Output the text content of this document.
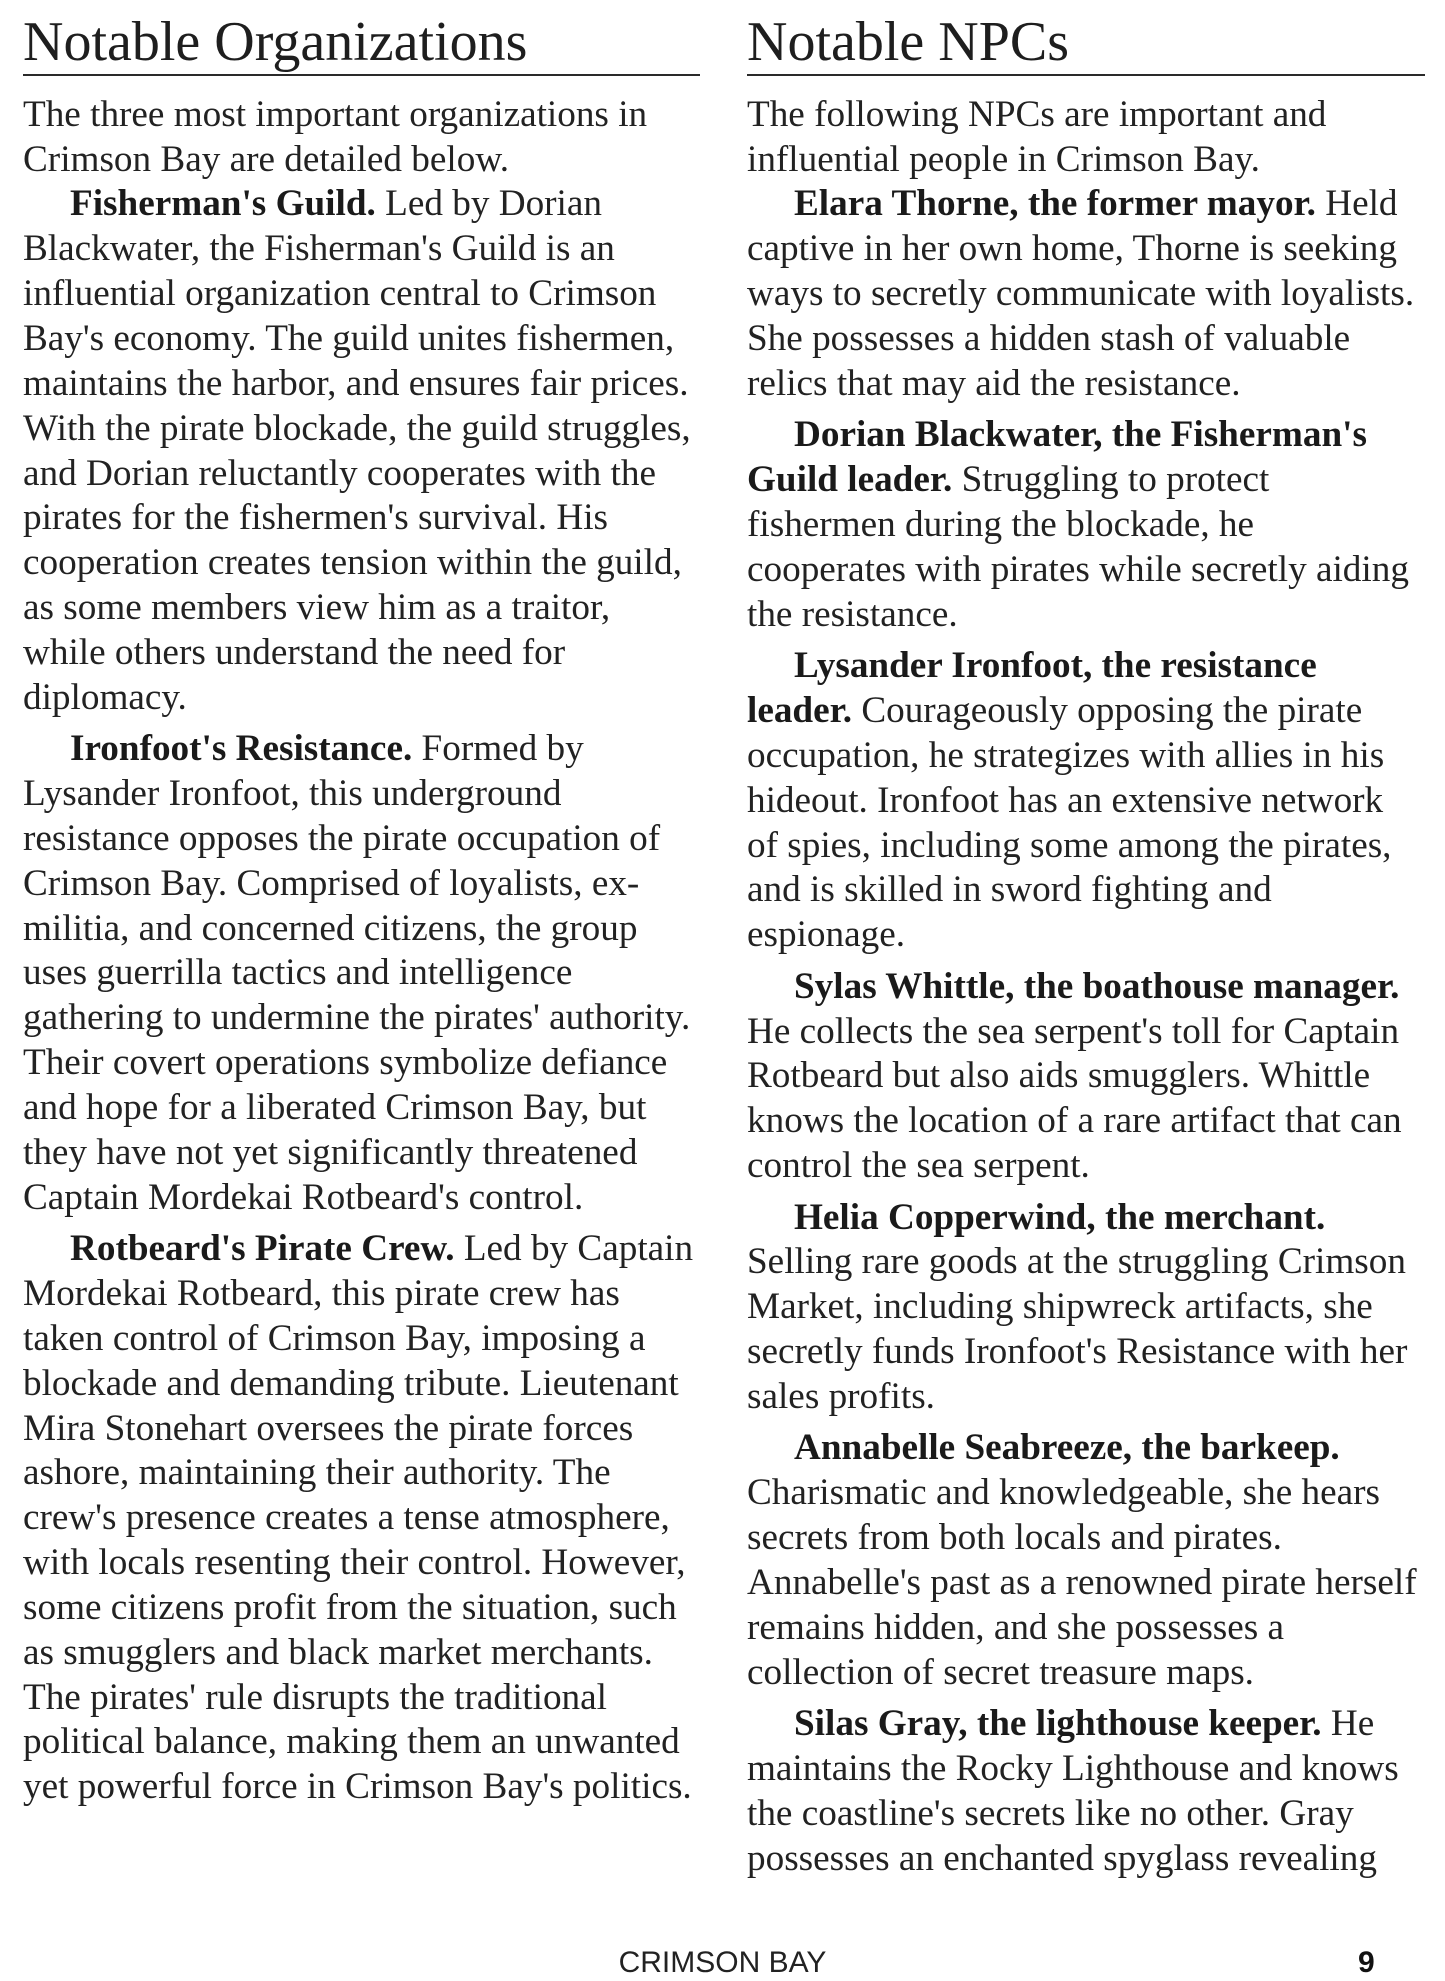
Notable Organizations
The three most important organizations in
Crimson Bay are detailed below.
Fisherman's Guild. Led by Dorian
Blackwater, the Fisherman's Guild is an
influential organization central to Crimson
Bay's economy. The guild unites fishermen,
maintains the harbor, and ensures fair prices.
With the pirate blockade, the guild struggles,
and Dorian reluctantly cooperates with the
pirates for the fishermen's survival. His
cooperation creates tension within the guild,
as some members view him as a traitor,
while others understand the need for
diplomacy.
Ironfoot's Resistance. Formed by
Lysander Ironfoot, this underground
resistance opposes the pirate occupation of
Crimson Bay. Comprised of loyalists, ex-
militia, and concerned citizens, the group
uses guerrilla tactics and intelligence
gathering to undermine the pirates' authority.
Their covert operations symbolize defiance
and hope for a liberated Crimson Bay, but
they have not yet significantly threatened
Captain Mordekai Rotbeard's control.
Rotbeard's Pirate Crew. Led by Captain
Mordekai Rotbeard, this pirate crew has
taken control of Crimson Bay, imposing a
blockade and demanding tribute. Lieutenant
Mira Stonehart oversees the pirate forces
ashore, maintaining their authority. The
crew's presence creates a tense atmosphere,
with locals resenting their control. However,
some citizens profit from the situation, such
as smugglers and black market merchants.
The pirates' rule disrupts the traditional
political balance, making them an unwanted
yet powerful force in Crimson Bay's politics.
Notable NPCs
The following NPCs are important and
influential people in Crimson Bay.
Elara Thorne, the former mayor. Held
captive in her own home, Thorne is seeking
ways to secretly communicate with loyalists.
She possesses a hidden stash of valuable
relics that may aid the resistance.
Dorian Blackwater, the Fisherman's
Guild leader. Struggling to protect
fishermen during the blockade, he
cooperates with pirates while secretly aiding
the resistance.
Lysander Ironfoot, the resistance
leader. Courageously opposing the pirate
occupation, he strategizes with allies in his
hideout. Ironfoot has an extensive network
of spies, including some among the pirates,
and is skilled in sword fighting and
espionage.
Sylas Whittle, the boathouse manager.
He collects the sea serpent's toll for Captain
Rotbeard but also aids smugglers. Whittle
knows the location of a rare artifact that can
control the sea serpent.
Helia Copperwind, the merchant.
Selling rare goods at the struggling Crimson
Market, including shipwreck artifacts, she
secretly funds Ironfoot's Resistance with her
sales profits.
Annabelle Seabreeze, the barkeep.
Charismatic and knowledgeable, she hears
secrets from both locals and pirates.
Annabelle's past as a renowned pirate herself
remains hidden, and she possesses a
collection of secret treasure maps.
Silas Gray, the lighthouse keeper. He
maintains the Rocky Lighthouse and knows
the coastline's secrets like no other. Gray
possesses an enchanted spyglass revealing
CRIMSON BAY	9
